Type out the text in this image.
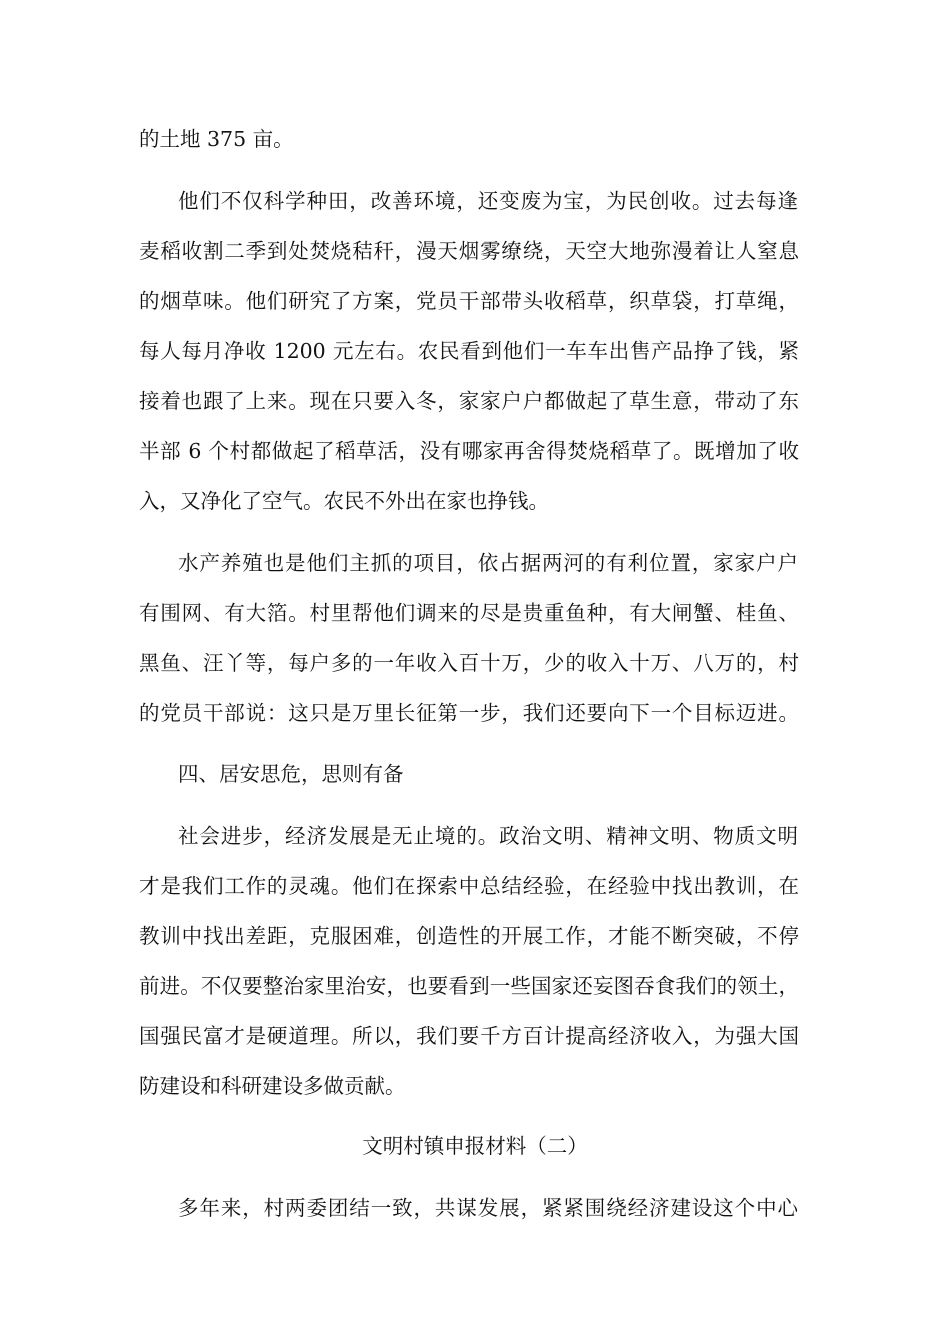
的土地 375 亩。
他们不仅科学种田，改善环境，还变废为宝，为民创收。过去每逢
麦稻收割二季到处焚烧秸秆，漫天烟雾缭绕，天空大地弥漫着让人窒息
的烟草味。他们研究了方案，党员干部带头收稻草，织草袋，打草绳，
每人每月净收 1200 元左右。农民看到他们一车车出售产品挣了钱，紧
接着也跟了上来。现在只要入冬，家家户户都做起了草生意，带动了东
半部 6 个村都做起了稻草活，没有哪家再舍得焚烧稻草了。既增加了收
入，又净化了空气。农民不外出在家也挣钱。
水产养殖也是他们主抓的项目，依占据两河的有利位置，家家户户
有围网、有大箔。村里帮他们调来的尽是贵重鱼种，有大闸蟹、桂鱼、
黑鱼、汪丫等，每户多的一年收入百十万，少的收入十万、八万的，村
的党员干部说：这只是万里长征第一步，我们还要向下一个目标迈进。
四、居安思危，思则有备
社会进步，经济发展是无止境的。政治文明、精神文明、物质文明
才是我们工作的灵魂。他们在探索中总结经验，在经验中找出教训，在
教训中找出差距，克服困难，创造性的开展工作，才能不断突破，不停
前进。不仅要整治家里治安，也要看到一些国家还妄图吞食我们的领土，
国强民富才是硬道理。所以，我们要千方百计提高经济收入，为强大国
防建设和科研建设多做贡献。
文明村镇申报材料（二）
多年来，村两委团结一致，共谋发展，紧紧围绕经济建设这个中心
